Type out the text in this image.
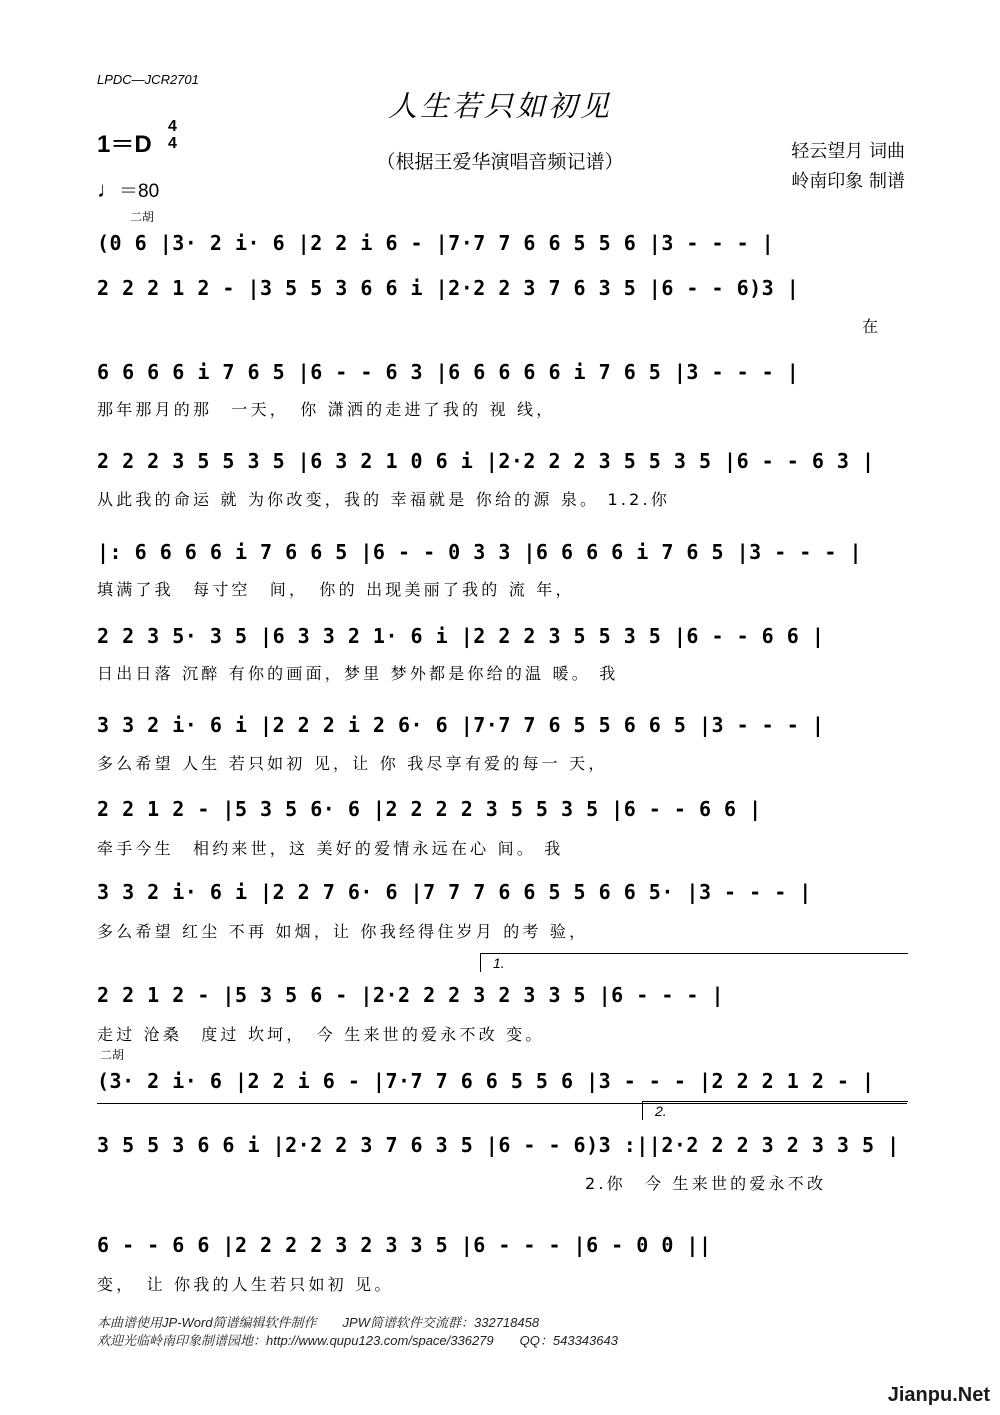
LPDC—JCR2701
人生若只如初见
（根据王爱华演唱音频记谱）	轻云望月 词曲
岭南印象 制谱
1＝D
4
4
♩＝80
二胡
(0 6 |3· 2 i· 6 |2 2 i 6 - |7·7 7 6 6 5 5 6 |3 - - - |
2 2 2 1 2 - |3 5 5 3 6 6 i |2·2 2 3 7 6 3 5 |6 - - 6)3 |
在
6 6 6 6 i 7 6 5 |6 - - 6 3 |6 6 6 6 6 i 7 6 5 |3 - - - |
那年那月的那　一天，　你 潇洒的走进了我的 视 线，
2 2 2 3 5 5 3 5 |6 3 2 1 0 6 i |2·2 2 2 3 5 5 3 5 |6 - - 6 3 |
从此我的命运 就 为你改变，我的 幸福就是 你给的源 泉。 1.2.你
|: 6 6 6 6 i 7 6 6 5 |6 - - 0 3 3 |6 6 6 6 i 7 6 5 |3 - - - |
填满了我　每寸空　间，　你的 出现美丽了我的 流 年，
2 2 3 5· 3 5 |6 3 3 2 1· 6 i |2 2 2 3 5 5 3 5 |6 - - 6 6 |
日出日落 沉醉 有你的画面，梦里 梦外都是你给的温 暖。 我
3 3 2 i· 6 i |2 2 2 i 2 6· 6 |7·7 7 6 5 5 6 6 5 |3 - - - |
多么希望 人生 若只如初 见，让 你 我尽享有爱的每一 天，
2 2 1 2 - |5 3 5 6· 6 |2 2 2 2 3 5 5 3 5 |6 - - 6 6 |
牵手今生　相约来世，这 美好的爱情永远在心 间。 我
3 3 2 i· 6 i |2 2 7 6· 6 |7 7 7 6 6 5 5 6 6 5· |3 - - - |
多么希望 红尘 不再 如烟，让 你我经得住岁月 的考 验，
1.
2 2 1 2 - |5 3 5 6 - |2·2 2 2 3 2 3 3 5 |6 - - - |
走过 沧桑　度过 坎坷，　今 生来世的爱永不改 变。
二胡
(3· 2 i· 6 |2 2 i 6 - |7·7 7 6 6 5 5 6 |3 - - - |2 2 2 1 2 - |
2.
3 5 5 3 6 6 i |2·2 2 3 7 6 3 5 |6 - - 6)3 :||2·2 2 2 3 2 3 3 5 |
2.你　今 生来世的爱永不改
6 - - 6 6 |2 2 2 2 3 2 3 3 5 |6 - - - |6 - 0 0 ||
变，　让 你我的人生若只如初 见。
本曲谱使用JP-Word简谱编辑软件制作　　JPW简谱软件交流群：332718458
欢迎光临岭南印象制谱园地：http://www.qupu123.com/space/336279　　QQ：543343643
Jianpu.Net
